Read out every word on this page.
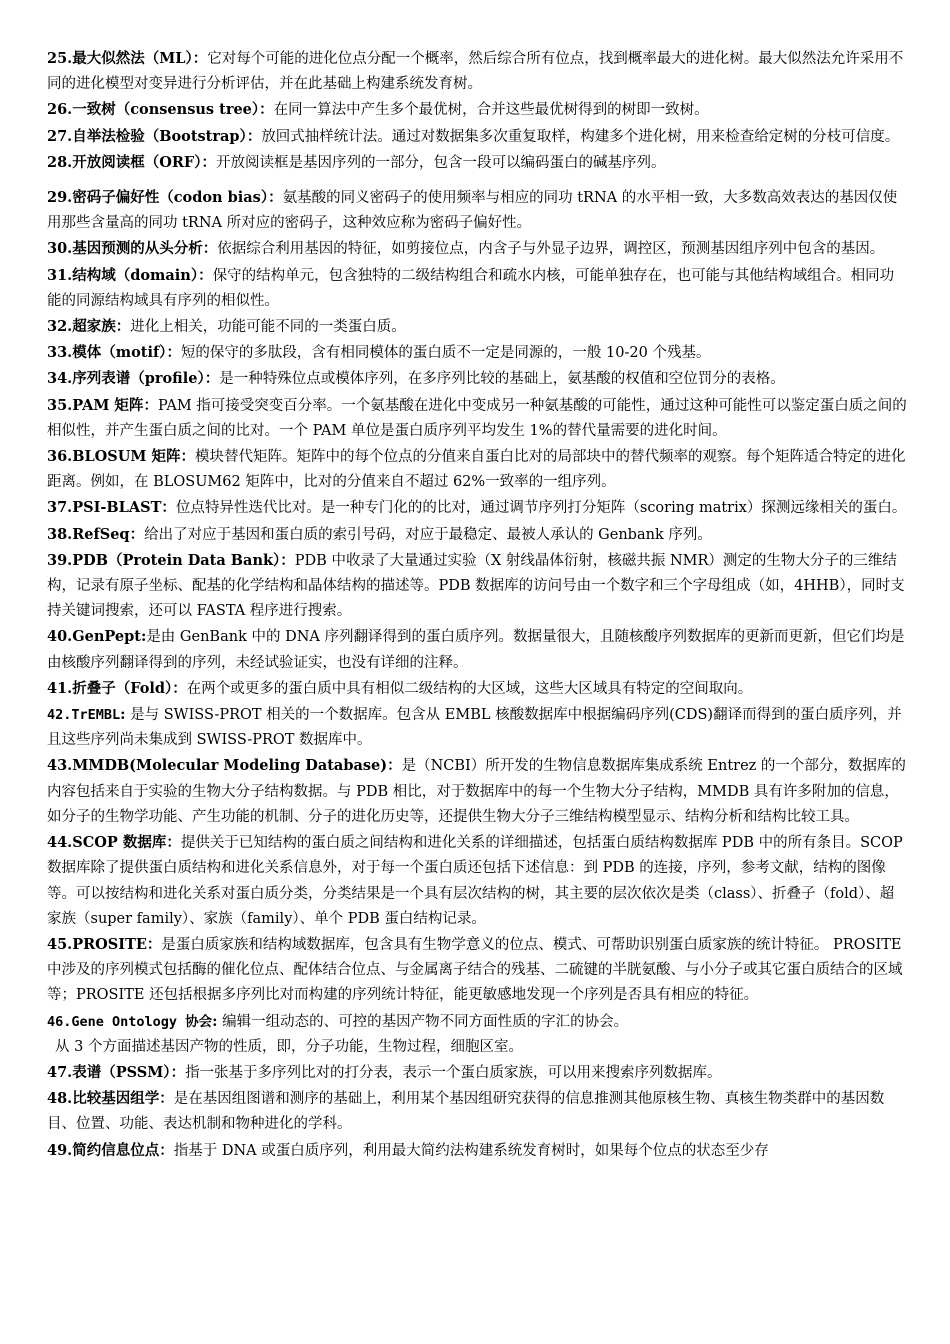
25.最大似然法（ML）：它对每个可能的进化位点分配一个概率，然后综合所有位点，找到概率最大的进化树。最大似然法允许采用不同的进化模型对变异进行分析评估，并在此基础上构建系统发育树。

26.一致树（consensus tree）：在同一算法中产生多个最优树，合并这些最优树得到的树即一致树。

27.自举法检验（Bootstrap）：放回式抽样统计法。通过对数据集多次重复取样，构建多个进化树，用来检查给定树的分枝可信度。

28.开放阅读框（ORF）：开放阅读框是基因序列的一部分，包含一段可以编码蛋白的碱基序列。

29.密码子偏好性（codon bias）：氨基酸的同义密码子的使用频率与相应的同功 tRNA 的水平相一致，大多数高效表达的基因仅使用那些含量高的同功 tRNA 所对应的密码子，这种效应称为密码子偏好性。

30.基因预测的从头分析：依据综合利用基因的特征，如剪接位点，内含子与外显子边界，调控区，预测基因组序列中包含的基因。

31.结构域（domain）：保守的结构单元，包含独特的二级结构组合和疏水内核，可能单独存在，也可能与其他结构域组合。相同功能的同源结构域具有序列的相似性。

32.超家族：进化上相关，功能可能不同的一类蛋白质。

33.模体（motif）：短的保守的多肽段，含有相同模体的蛋白质不一定是同源的，一般 10-20 个残基。

34.序列表谱（profile）：是一种特殊位点或模体序列，在多序列比较的基础上，氨基酸的权值和空位罚分的表格。

35.PAM 矩阵：PAM 指可接受突变百分率。一个氨基酸在进化中变成另一种氨基酸的可能性，通过这种可能性可以鉴定蛋白质之间的相似性，并产生蛋白质之间的比对。一个 PAM 单位是蛋白质序列平均发生 1%的替代量需要的进化时间。

36.BLOSUM 矩阵：模块替代矩阵。矩阵中的每个位点的分值来自蛋白比对的局部块中的替代频率的观察。每个矩阵适合特定的进化距离。例如，在 BLOSUM62 矩阵中，比对的分值来自不超过 62%一致率的一组序列。

37.PSI-BLAST：位点特异性迭代比对。是一种专门化的的比对，通过调节序列打分矩阵（scoring matrix）探测远缘相关的蛋白。

38.RefSeq：给出了对应于基因和蛋白质的索引号码，对应于最稳定、最被人承认的 Genbank 序列。

39.PDB（Protein Data Bank）：PDB 中收录了大量通过实验（X 射线晶体衍射，核磁共振 NMR）测定的生物大分子的三维结构，记录有原子坐标、配基的化学结构和晶体结构的描述等。PDB 数据库的访问号由一个数字和三个字母组成（如，4HHB），同时支持关键词搜索，还可以 FASTA 程序进行搜索。

40.GenPept:是由 GenBank 中的 DNA 序列翻译得到的蛋白质序列。数据量很大，且随核酸序列数据库的更新而更新，但它们均是由核酸序列翻译得到的序列，未经试验证实，也没有详细的注释。

41.折叠子（Fold）：在两个或更多的蛋白质中具有相似二级结构的大区域，这些大区域具有特定的空间取向。

42.TrEMBL: 是与 SWISS-PROT 相关的一个数据库。包含从 EMBL 核酸数据库中根据编码序列(CDS)翻译而得到的蛋白质序列，并且这些序列尚未集成到 SWISS-PROT 数据库中。

43.MMDB(Molecular Modeling Database)：是（NCBI）所开发的生物信息数据库集成系统 Entrez 的一个部分，数据库的内容包括来自于实验的生物大分子结构数据。与 PDB 相比，对于数据库中的每一个生物大分子结构，MMDB 具有许多附加的信息，如分子的生物学功能、产生功能的机制、分子的进化历史等，还提供生物大分子三维结构模型显示、结构分析和结构比较工具。

44.SCOP 数据库：提供关于已知结构的蛋白质之间结构和进化关系的详细描述，包括蛋白质结构数据库 PDB 中的所有条目。SCOP 数据库除了提供蛋白质结构和进化关系信息外，对于每一个蛋白质还包括下述信息：到 PDB 的连接，序列，参考文献，结构的图像等。可以按结构和进化关系对蛋白质分类，分类结果是一个具有层次结构的树，其主要的层次依次是类（class）、折叠子（fold）、超家族（super family）、家族（family）、单个 PDB 蛋白结构记录。

45.PROSITE：是蛋白质家族和结构域数据库，包含具有生物学意义的位点、模式、可帮助识别蛋白质家族的统计特征。 PROSITE 中涉及的序列模式包括酶的催化位点、配体结合位点、与金属离子结合的残基、二硫键的半胱氨酸、与小分子或其它蛋白质结合的区域等；PROSITE 还包括根据多序列比对而构建的序列统计特征，能更敏感地发现一个序列是否具有相应的特征。

46.Gene Ontology 协会: 编辑一组动态的、可控的基因产物不同方面性质的字汇的协会。

从 3 个方面描述基因产物的性质，即，分子功能，生物过程，细胞区室。

47.表谱（PSSM）：指一张基于多序列比对的打分表，表示一个蛋白质家族，可以用来搜索序列数据库。

48.比较基因组学：是在基因组图谱和测序的基础上，利用某个基因组研究获得的信息推测其他原核生物、真核生物类群中的基因数目、位置、功能、表达机制和物种进化的学科。

49.简约信息位点：指基于 DNA 或蛋白质序列，利用最大简约法构建系统发育树时，如果每个位点的状态至少存
